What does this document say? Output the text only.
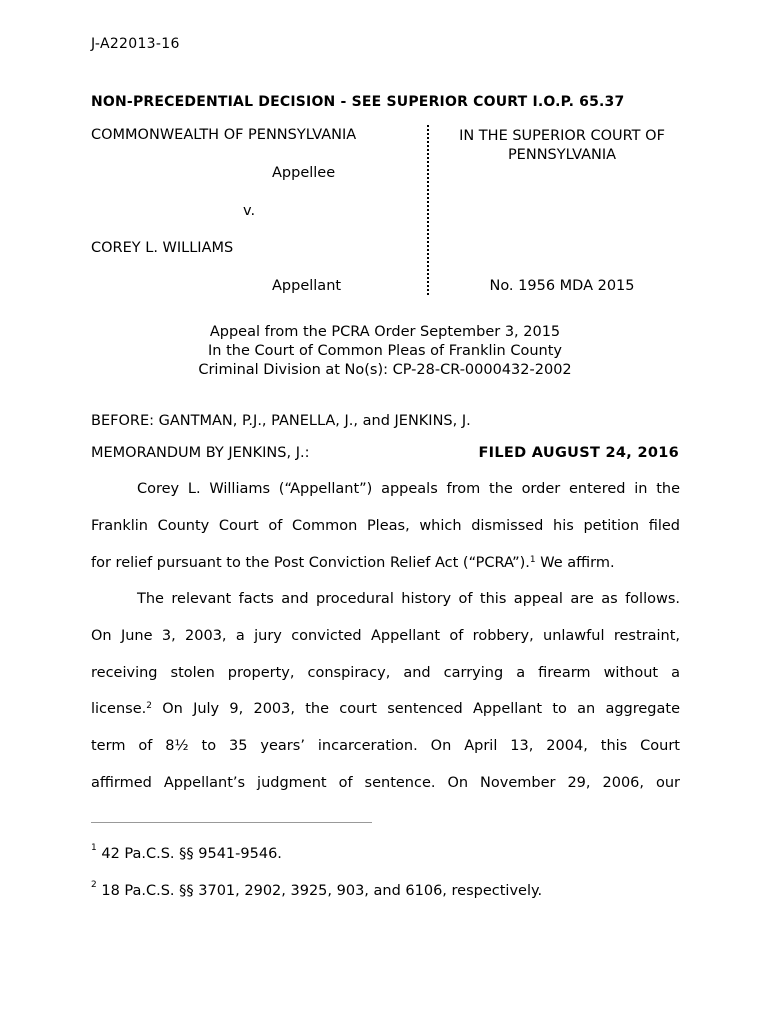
J-A22013-16
NON-PRECEDENTIAL DECISION - SEE SUPERIOR COURT I.O.P. 65.37
COMMONWEALTH OF PENNSYLVANIA
Appellee
v.
COREY L. WILLIAMS
Appellant
IN THE SUPERIOR COURT OF
PENNSYLVANIA
No. 1956 MDA 2015
Appeal from the PCRA Order September 3, 2015
In the Court of Common Pleas of Franklin County
Criminal Division at No(s): CP-28-CR-0000432-2002
BEFORE: GANTMAN, P.J., PANELLA, J., and JENKINS, J.
MEMORANDUM BY JENKINS, J.:	FILED AUGUST 24, 2016
Corey L. Williams (“Appellant”) appeals from the order entered in the
Franklin County Court of Common Pleas, which dismissed his petition filed
for relief pursuant to the Post Conviction Relief Act (“PCRA”).$^1$ We affirm.
The relevant facts and procedural history of this appeal are as follows.
On June 3, 2003, a jury convicted Appellant of robbery, unlawful restraint,
receiving stolen property, conspiracy, and carrying a firearm without a
license.$^2$ On July 9, 2003, the court sentenced Appellant to an aggregate
term of 8½ to 35 years’ incarceration. On April 13, 2004, this Court
affirmed Appellant’s judgment of sentence. On November 29, 2006, our
$^1$ 42 Pa.C.S. §§ 9541-9546.
$^2$ 18 Pa.C.S. §§ 3701, 2902, 3925, 903, and 6106, respectively.
